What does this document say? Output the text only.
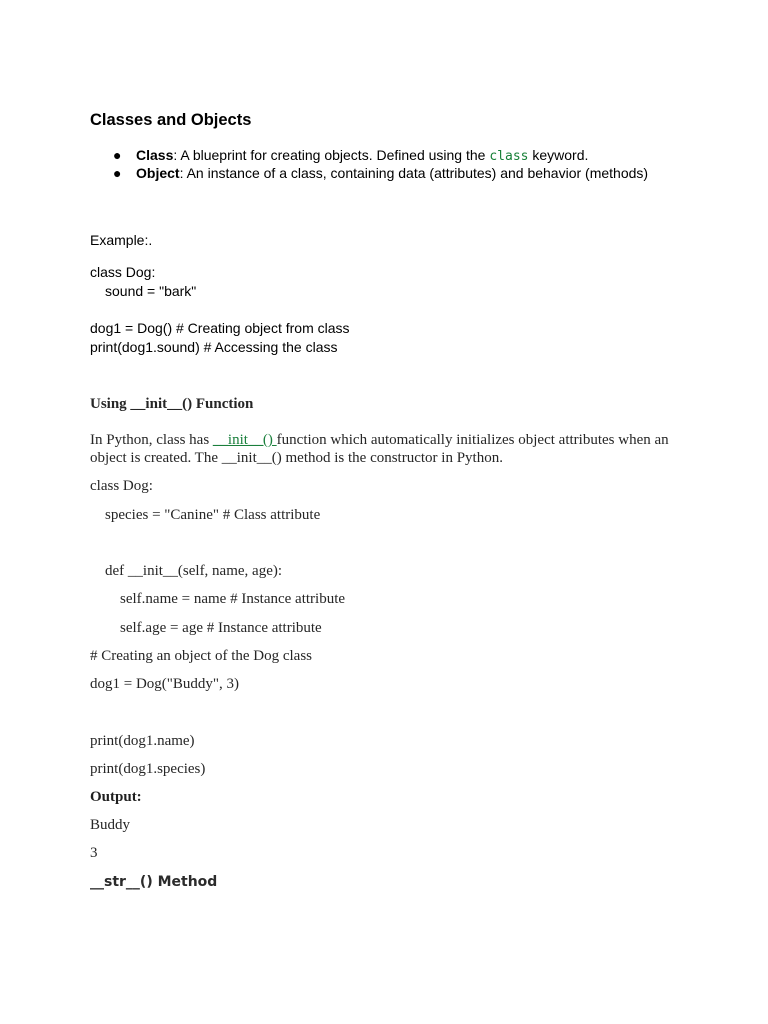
Classes and Objects
● Class: A blueprint for creating objects. Defined using the class keyword.
● Object: An instance of a class, containing data (attributes) and behavior (methods)
Example:.
class Dog:
sound = "bark"
dog1 = Dog() # Creating object from class
print(dog1.sound) # Accessing the class
Using __init__() Function
In Python, class has __init__() function which automatically initializes object attributes when an
object is created. The __init__() method is the constructor in Python.
class Dog:
species = "Canine" # Class attribute
def __init__(self, name, age):
self.name = name # Instance attribute
self.age = age # Instance attribute
# Creating an object of the Dog class
dog1 = Dog("Buddy", 3)
print(dog1.name)
print(dog1.species)
Output:
Buddy
3
__str__() Method
